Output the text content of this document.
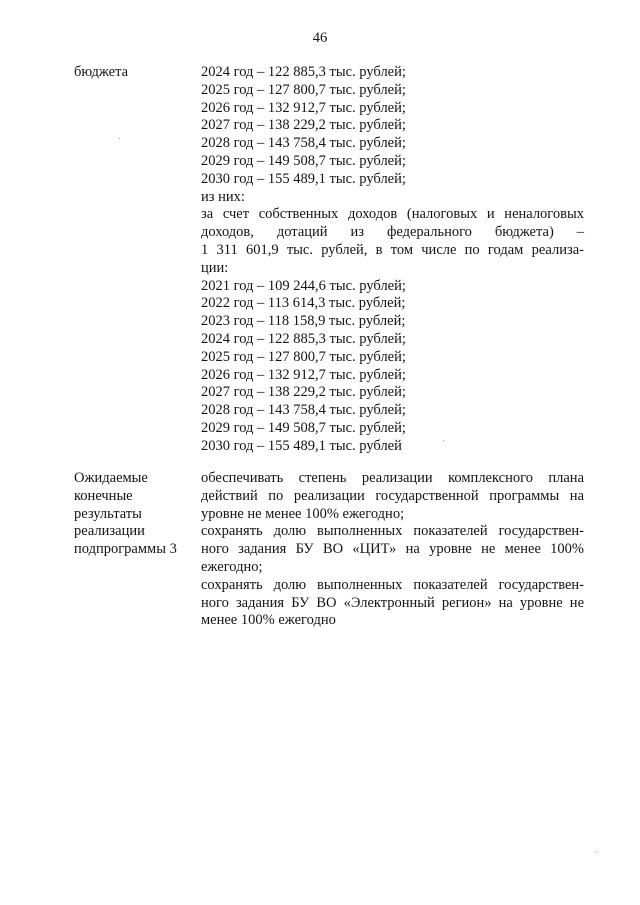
46
бюджета	2024 год – 122 885,3 тыс. рублей;
2025 год – 127 800,7 тыс. рублей;
2026 год – 132 912,7 тыс. рублей;
2027 год – 138 229,2 тыс. рублей;
2028 год – 143 758,4 тыс. рублей;
2029 год – 149 508,7 тыс. рублей;
2030 год – 155 489,1 тыс. рублей;
из них:
за счет собственных доходов (налоговых и неналоговых
доходов, дотаций из федерального бюджета) –
1 311 601,9 тыс. рублей, в том числе по годам реализа-
ции:
2021 год – 109 244,6 тыс. рублей;
2022 год – 113 614,3 тыс. рублей;
2023 год – 118 158,9 тыс. рублей;
2024 год – 122 885,3 тыс. рублей;
2025 год – 127 800,7 тыс. рублей;
2026 год – 132 912,7 тыс. рублей;
2027 год – 138 229,2 тыс. рублей;
2028 год – 143 758,4 тыс. рублей;
2029 год – 149 508,7 тыс. рублей;
2030 год – 155 489,1 тыс. рублей
Ожидаемые
конечные
результаты
реализации
подпрограммы 3
обеспечивать степень реализации комплексного плана
действий по реализации государственной программы на
уровне не менее 100% ежегодно;
сохранять долю выполненных показателей государствен-
ного задания БУ ВО «ЦИТ» на уровне не менее 100%
ежегодно;
сохранять долю выполненных показателей государствен-
ного задания БУ ВО «Электронный регион» на уровне не
менее 100% ежегодно
